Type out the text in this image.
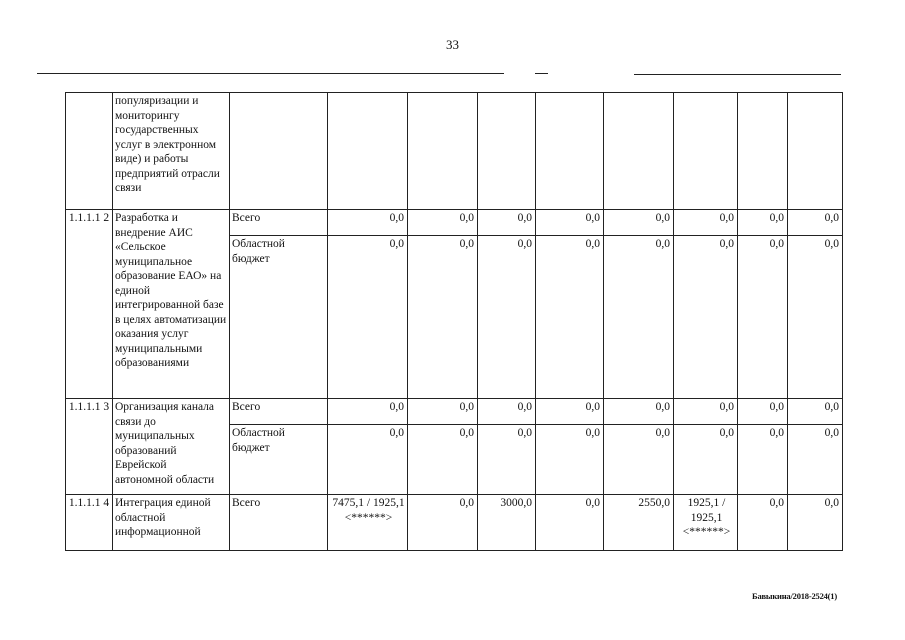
33
	популяризации и мониторингу государственных услуг в электронном виде) и работы предприятий отрасли связи									
1.1.1.1 2	Разработка и внедрение АИС «Сельское муниципальное образование ЕАО» на единой интегрированной базе в целях автоматизации оказания услуг муниципальными образованиями	Всего	0,0	0,0	0,0	0,0	0,0	0,0	0,0	0,0
		Областной бюджет	0,0	0,0	0,0	0,0	0,0	0,0	0,0	0,0
1.1.1.1 3	Организация канала связи до муниципальных образований Еврейской автономной области	Всего	0,0	0,0	0,0	0,0	0,0	0,0	0,0	0,0
		Областной бюджет	0,0	0,0	0,0	0,0	0,0	0,0	0,0	0,0
1.1.1.1 4	Интеграция единой областной информационной	Всего	7475,1 / 1925,1 <******>	0,0	3000,0	0,0	2550,0	1925,1 / 1925,1 <******>	0,0	0,0
Бавыкина/2018-2524(1)
